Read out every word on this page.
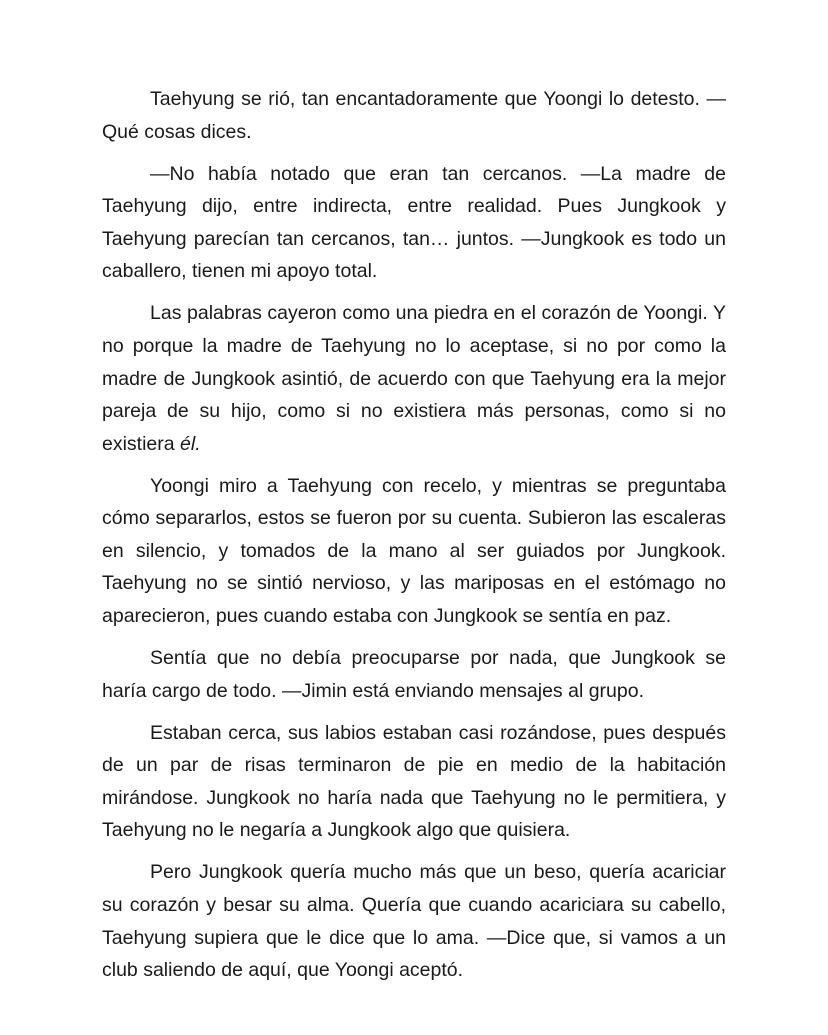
Taehyung se rió, tan encantadoramente que Yoongi lo detesto. —Qué cosas dices.

—No había notado que eran tan cercanos. —La madre de Taehyung dijo, entre indirecta, entre realidad. Pues Jungkook y Taehyung parecían tan cercanos, tan… juntos. —Jungkook es todo un caballero, tienen mi apoyo total.

Las palabras cayeron como una piedra en el corazón de Yoongi. Y no porque la madre de Taehyung no lo aceptase, si no por como la madre de Jungkook asintió, de acuerdo con que Taehyung era la mejor pareja de su hijo, como si no existiera más personas, como si no existiera él.

Yoongi miro a Taehyung con recelo, y mientras se preguntaba cómo separarlos, estos se fueron por su cuenta. Subieron las escaleras en silencio, y tomados de la mano al ser guiados por Jungkook. Taehyung no se sintió nervioso, y las mariposas en el estómago no aparecieron, pues cuando estaba con Jungkook se sentía en paz.

Sentía que no debía preocuparse por nada, que Jungkook se haría cargo de todo. —Jimin está enviando mensajes al grupo.

Estaban cerca, sus labios estaban casi rozándose, pues después de un par de risas terminaron de pie en medio de la habitación mirándose. Jungkook no haría nada que Taehyung no le permitiera, y Taehyung no le negaría a Jungkook algo que quisiera.

Pero Jungkook quería mucho más que un beso, quería acariciar su corazón y besar su alma. Quería que cuando acariciara su cabello, Taehyung supiera que le dice que lo ama. —Dice que, si vamos a un club saliendo de aquí, que Yoongi aceptó.
